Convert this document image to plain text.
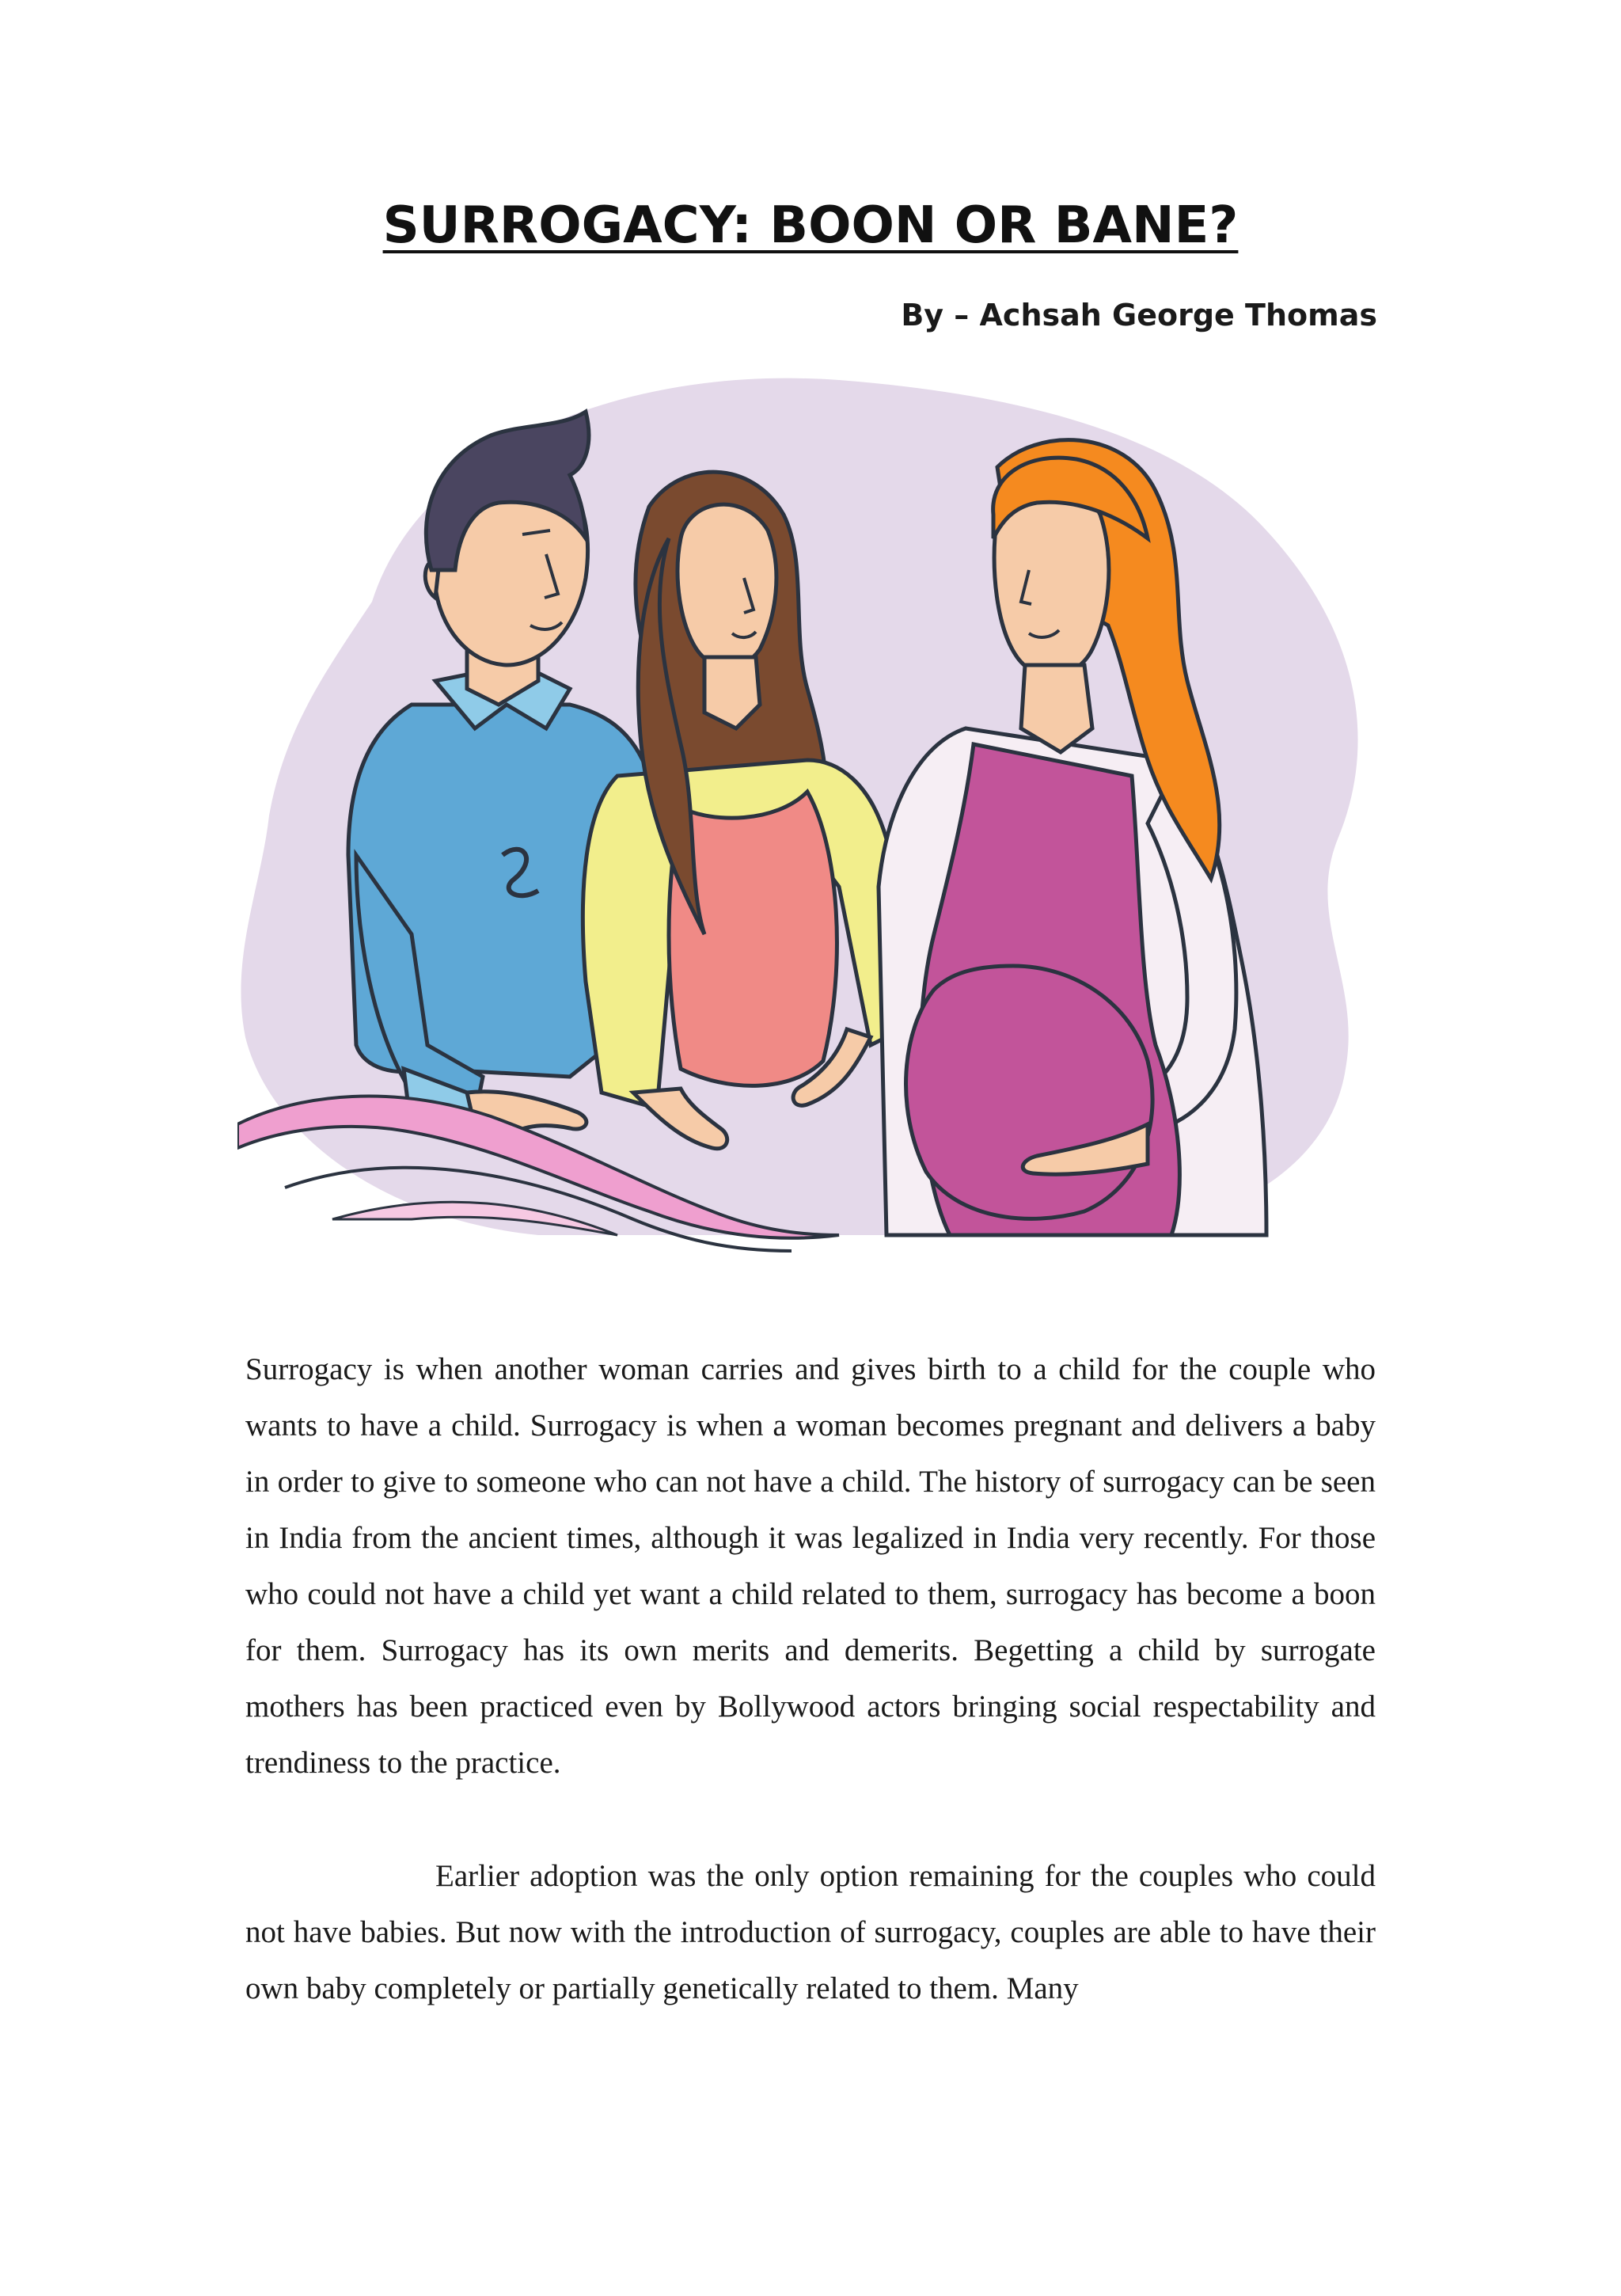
SURROGACY: BOON OR BANE?

By – Achsah George Thomas

Surrogacy is when another woman carries and gives birth to a child for the couple who wants to have a child. Surrogacy is when a woman becomes pregnant and delivers a baby in order to give to someone who can not have a child. The history of surrogacy can be seen in India from the ancient times, although it was legalized in India very recently. For those who could not have a child yet want a child related to them, surrogacy has become a boon for them. Surrogacy has its own merits and demerits. Begetting a child by surrogate mothers has been practiced even by Bollywood actors bringing social respectability and trendiness to the practice.

Earlier adoption was the only option remaining for the couples who could not have babies. But now with the introduction of surrogacy, couples are able to have their own baby completely or partially genetically related to them. Many
